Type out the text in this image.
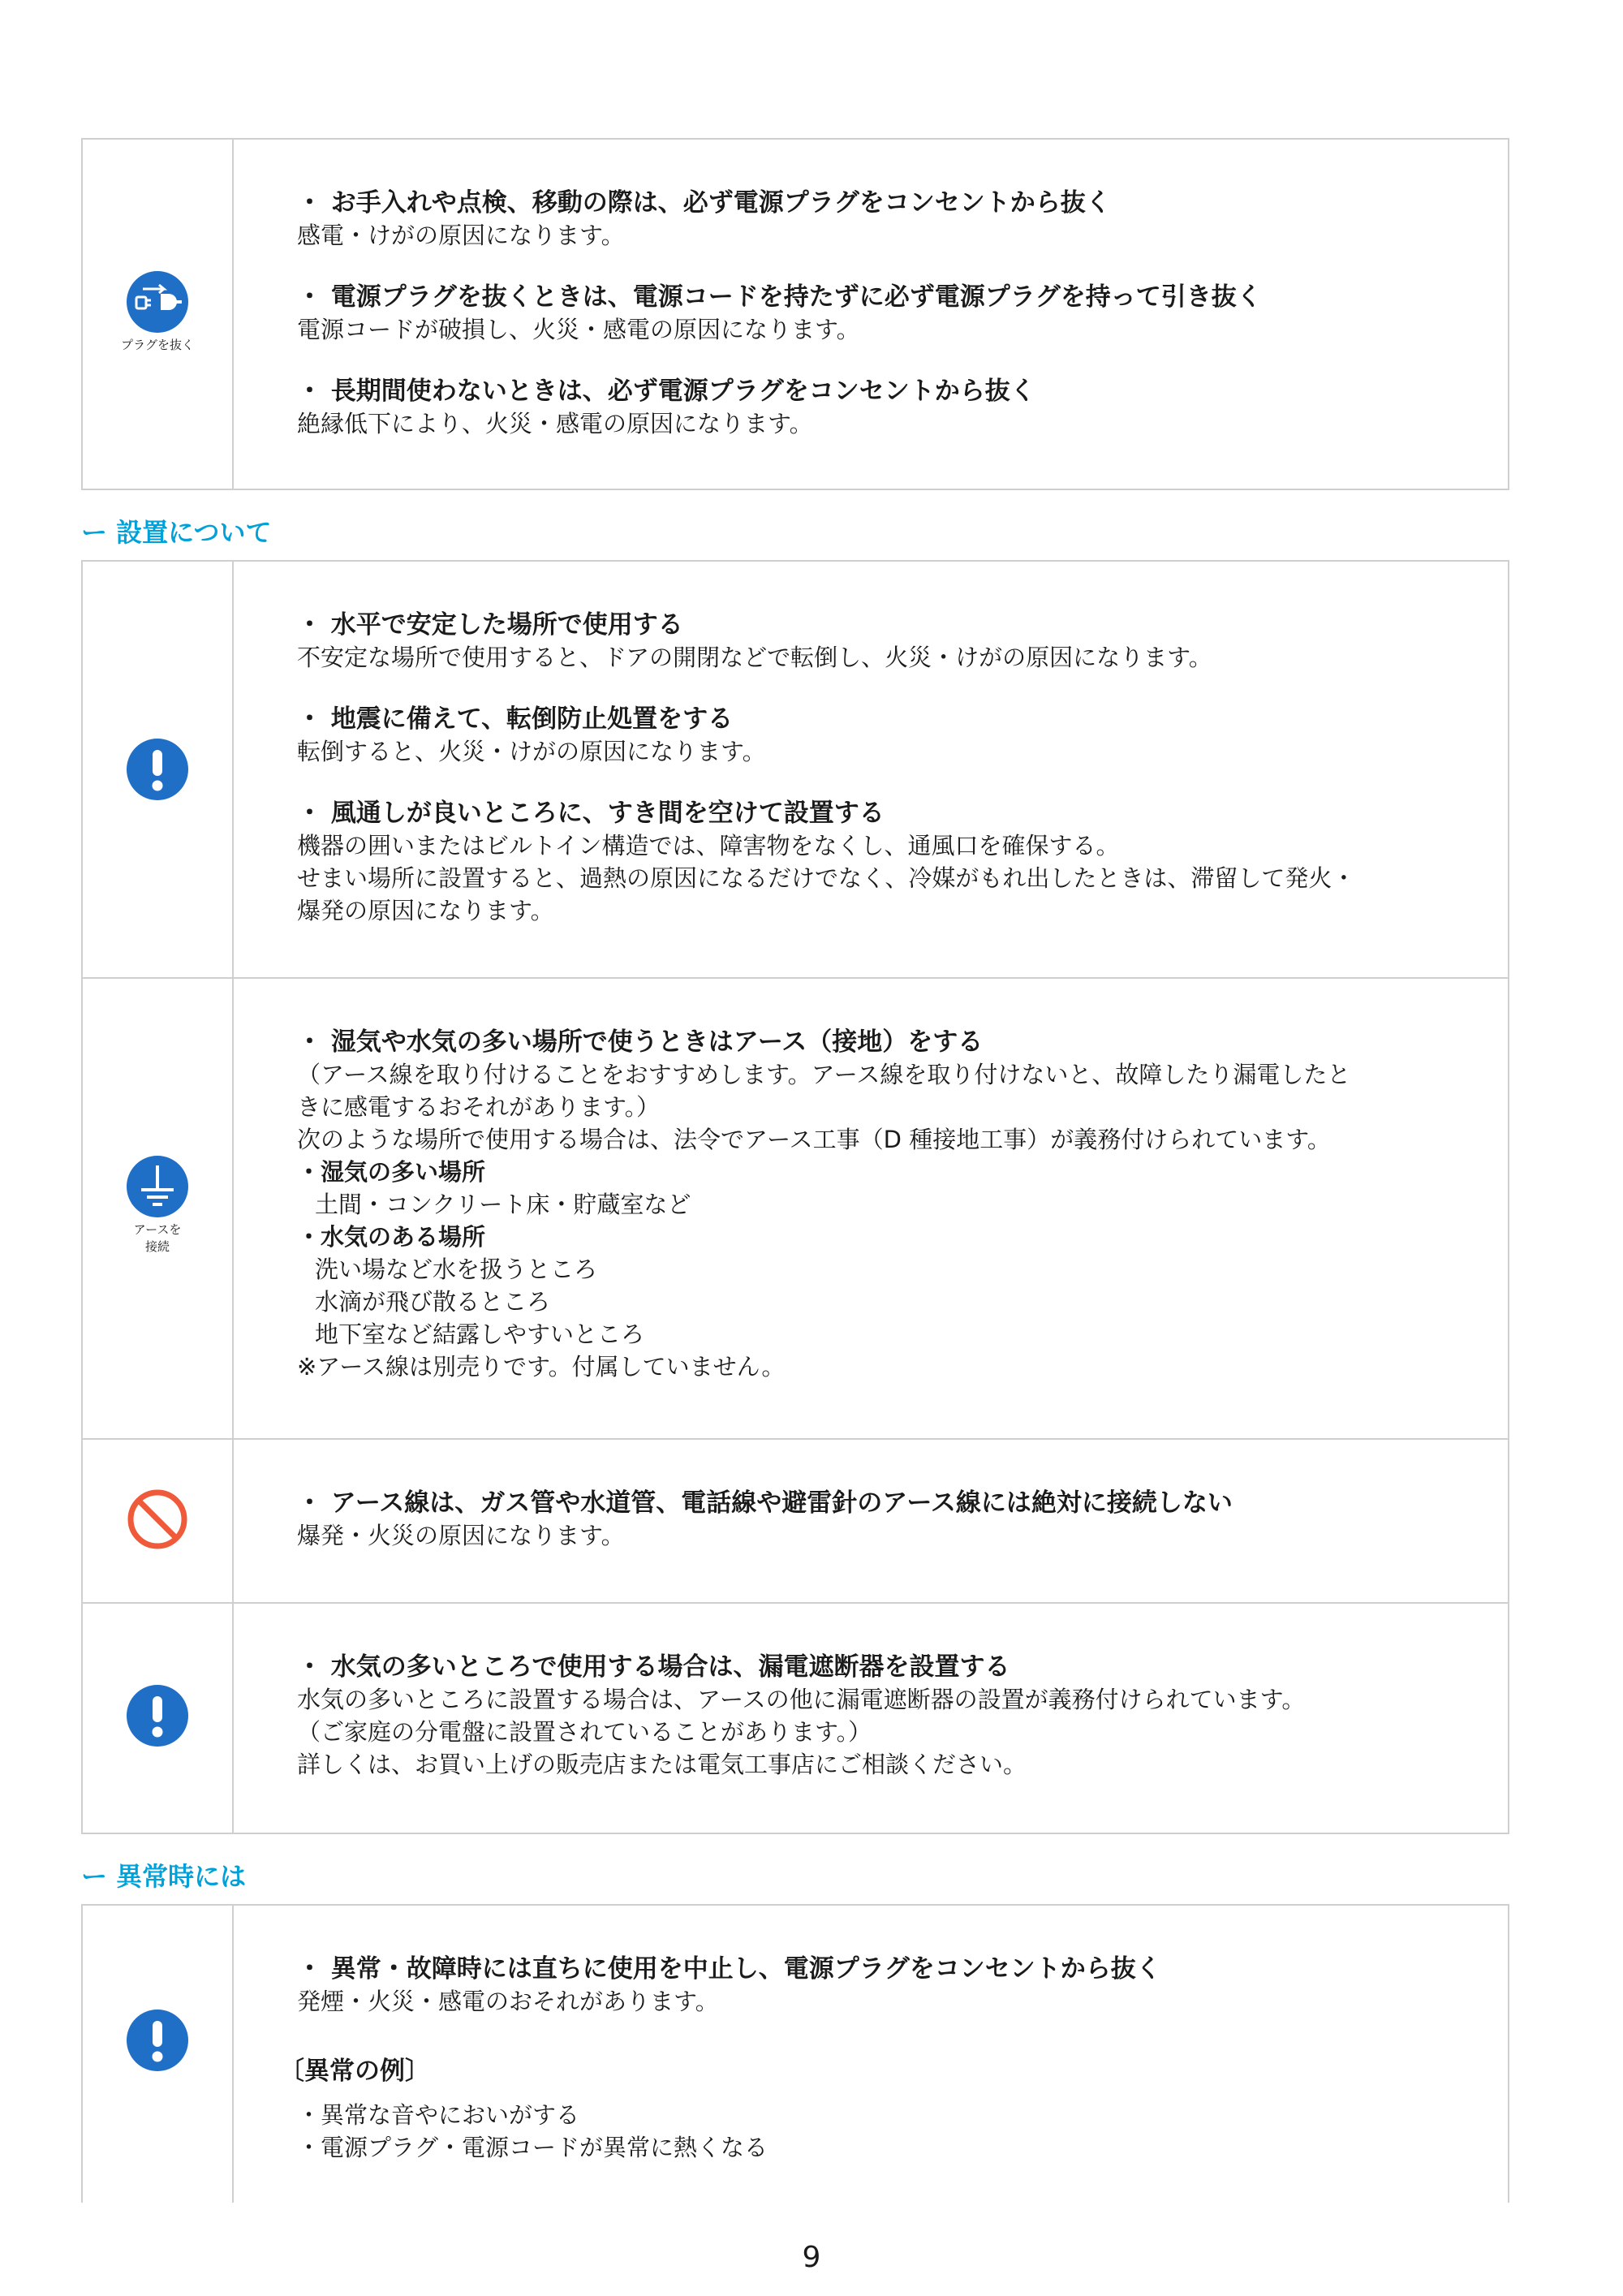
プラグを抜く
・ お手入れや点検、移動の際は、必ず電源プラグをコンセントから抜く
感電・けがの原因になります。
・ 電源プラグを抜くときは、電源コードを持たずに必ず電源プラグを持って引き抜く
電源コードが破損し、火災・感電の原因になります。
・ 長期間使わないときは、必ず電源プラグをコンセントから抜く
絶縁低下により、火災・感電の原因になります。
ー 設置について
・ 水平で安定した場所で使用する
不安定な場所で使用すると、ドアの開閉などで転倒し、火災・けがの原因になります。
・ 地震に備えて、転倒防止処置をする
転倒すると、火災・けがの原因になります。
・ 風通しが良いところに、すき間を空けて設置する
機器の囲いまたはビルトイン構造では、障害物をなくし、通風口を確保する。
せまい場所に設置すると、過熱の原因になるだけでなく、冷媒がもれ出したときは、滞留して発火・
爆発の原因になります。
アースを
接続
・ 湿気や水気の多い場所で使うときはアース（接地）をする
（アース線を取り付けることをおすすめします。アース線を取り付けないと、故障したり漏電したと
きに感電するおそれがあります。）
次のような場所で使用する場合は、法令でアース工事（D 種接地工事）が義務付けられています。
・湿気の多い場所
土間・コンクリート床・貯蔵室など
・水気のある場所
洗い場など水を扱うところ
水滴が飛び散るところ
地下室など結露しやすいところ
※アース線は別売りです。付属していません。
・ アース線は、ガス管や水道管、電話線や避雷針のアース線には絶対に接続しない
爆発・火災の原因になります。
・ 水気の多いところで使用する場合は、漏電遮断器を設置する
水気の多いところに設置する場合は、アースの他に漏電遮断器の設置が義務付けられています。
（ご家庭の分電盤に設置されていることがあります。）
詳しくは、お買い上げの販売店または電気工事店にご相談ください。
ー 異常時には
・ 異常・故障時には直ちに使用を中止し、電源プラグをコンセントから抜く
発煙・火災・感電のおそれがあります。
〔異常の例〕
・異常な音やにおいがする
・電源プラグ・電源コードが異常に熱くなる
9
